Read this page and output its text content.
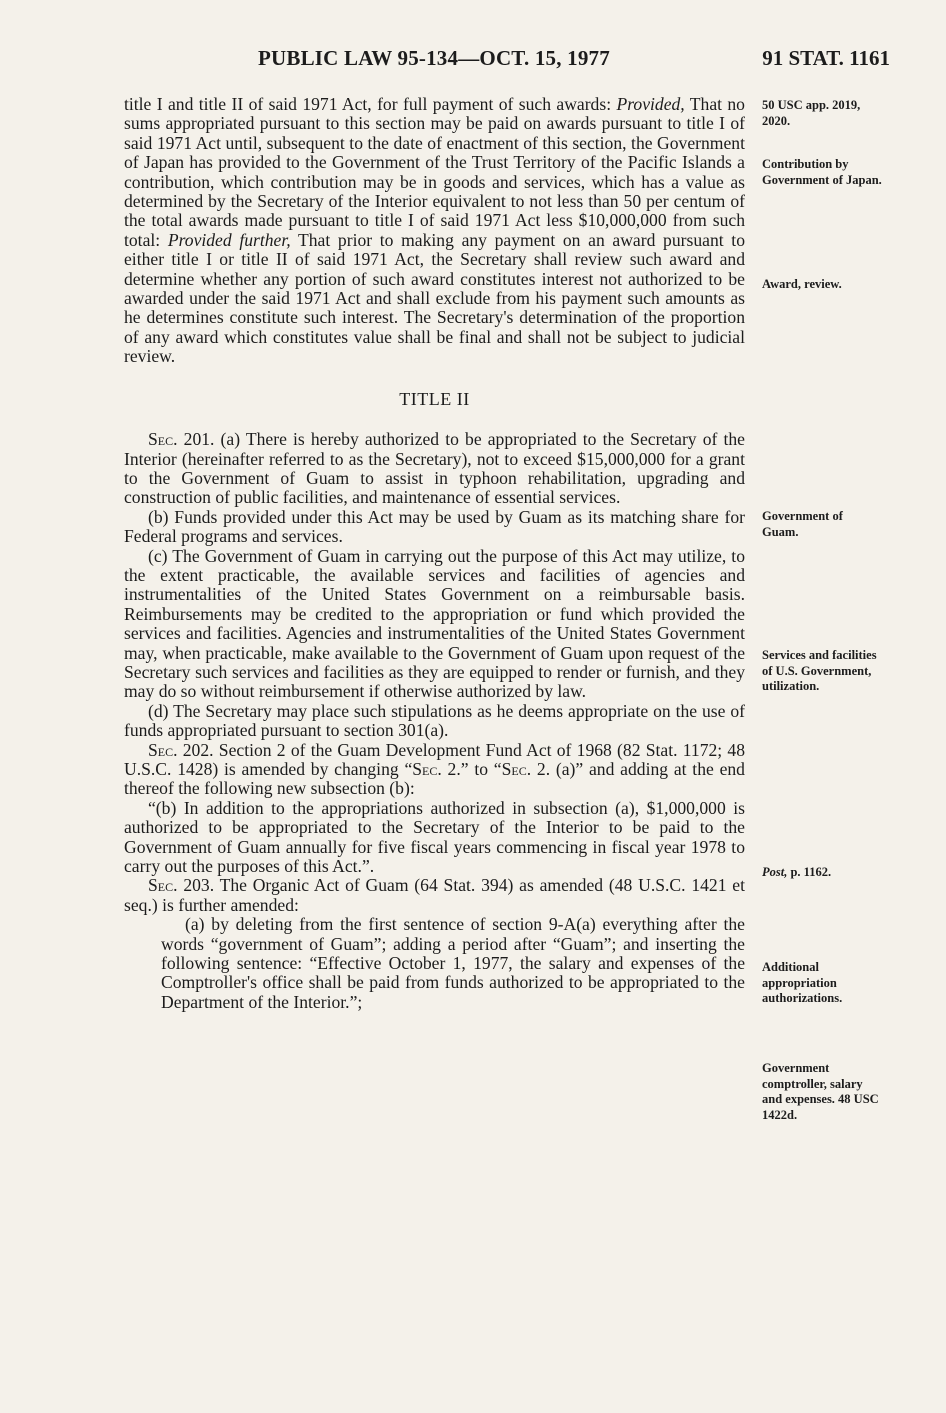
PUBLIC LAW 95-134—OCT. 15, 1977	91 STAT. 1161

title I and title II of said 1971 Act, for full payment of such awards: Provided, That no sums appropriated pursuant to this section may be paid on awards pursuant to title I of said 1971 Act until, subsequent to the date of enactment of this section, the Government of Japan has provided to the Government of the Trust Territory of the Pacific Islands a contribution, which contribution may be in goods and services, which has a value as determined by the Secretary of the Interior equivalent to not less than 50 per centum of the total awards made pursuant to title I of said 1971 Act less $10,000,000 from such total: Provided further, That prior to making any payment on an award pursuant to either title I or title II of said 1971 Act, the Secretary shall review such award and determine whether any portion of such award constitutes interest not authorized to be awarded under the said 1971 Act and shall exclude from his payment such amounts as he determines constitute such interest. The Secretary's determination of the proportion of any award which constitutes value shall be final and shall not be subject to judicial review.

TITLE II

Sec. 201. (a) There is hereby authorized to be appropriated to the Secretary of the Interior (hereinafter referred to as the Secretary), not to exceed $15,000,000 for a grant to the Government of Guam to assist in typhoon rehabilitation, upgrading and construction of public facilities, and maintenance of essential services.

(b) Funds provided under this Act may be used by Guam as its matching share for Federal programs and services.

(c) The Government of Guam in carrying out the purpose of this Act may utilize, to the extent practicable, the available services and facilities of agencies and instrumentalities of the United States Government on a reimbursable basis. Reimbursements may be credited to the appropriation or fund which provided the services and facilities. Agencies and instrumentalities of the United States Government may, when practicable, make available to the Government of Guam upon request of the Secretary such services and facilities as they are equipped to render or furnish, and they may do so without reimbursement if otherwise authorized by law.

(d) The Secretary may place such stipulations as he deems appropriate on the use of funds appropriated pursuant to section 301(a).

Sec. 202. Section 2 of the Guam Development Fund Act of 1968 (82 Stat. 1172; 48 U.S.C. 1428) is amended by changing “Sec. 2.” to “Sec. 2. (a)” and adding at the end thereof the following new subsection (b):

“(b) In addition to the appropriations authorized in subsection (a), $1,000,000 is authorized to be appropriated to the Secretary of the Interior to be paid to the Government of Guam annually for five fiscal years commencing in fiscal year 1978 to carry out the purposes of this Act.”.

Sec. 203. The Organic Act of Guam (64 Stat. 394) as amended (48 U.S.C. 1421 et seq.) is further amended:

(a) by deleting from the first sentence of section 9-A(a) everything after the words “government of Guam”; adding a period after “Guam”; and inserting the following sentence: “Effective October 1, 1977, the salary and expenses of the Comptroller's office shall be paid from funds authorized to be appropriated to the Department of the Interior.”;

50 USC app. 2019, 2020.
Contribution by Government of Japan.
Award, review.
Government of Guam.
Services and facilities of U.S. Government, utilization.
Post, p. 1162.
Additional appropriation authorizations.
Government comptroller, salary and expenses. 48 USC 1422d.
